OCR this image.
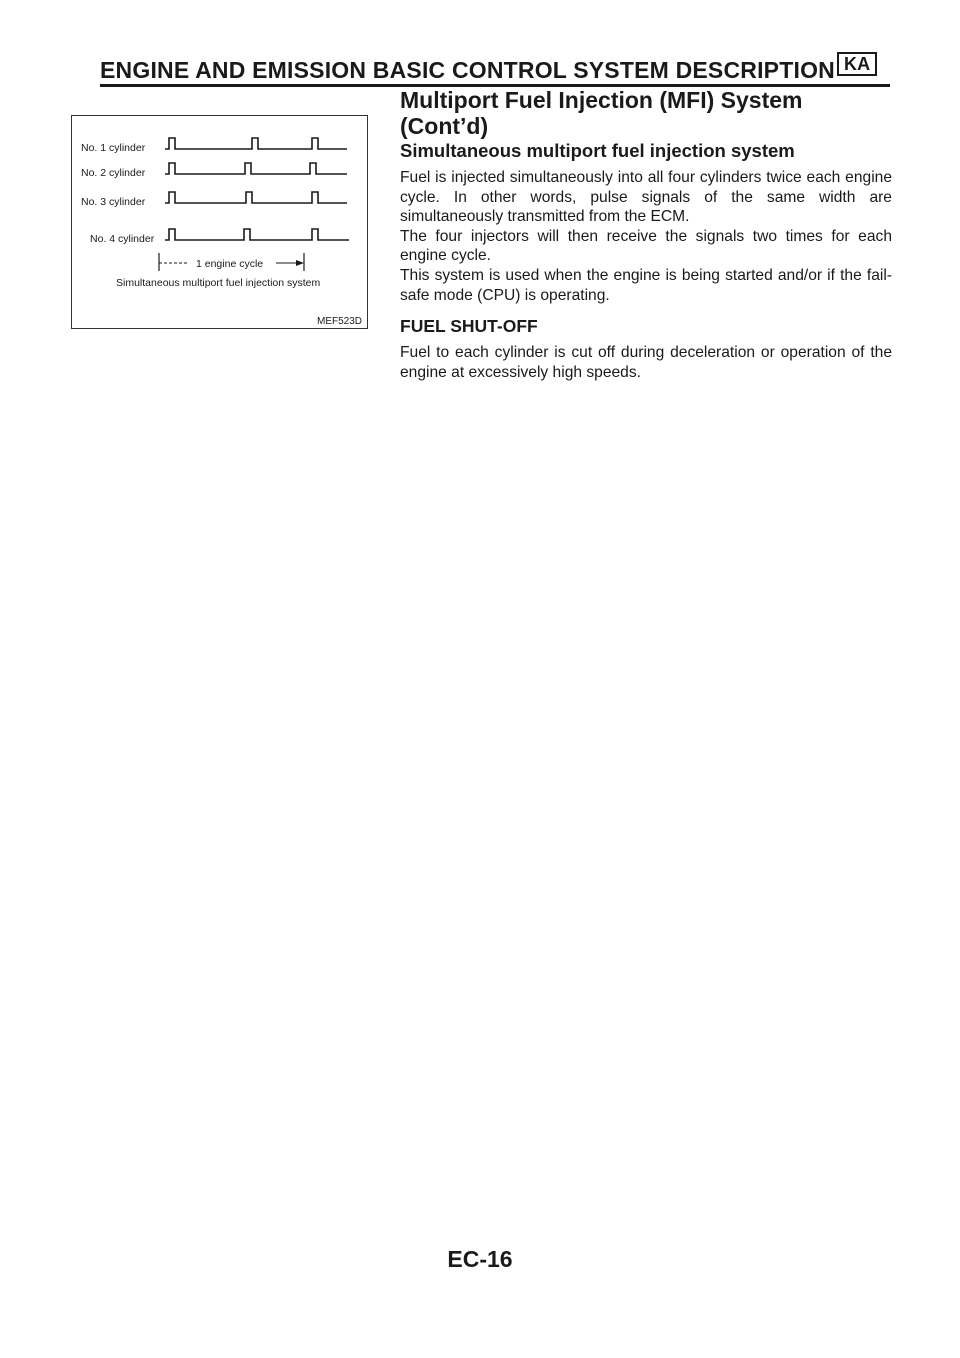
ENGINE AND EMISSION BASIC CONTROL SYSTEM DESCRIPTION KA
Multiport Fuel Injection (MFI) System
(Cont’d)
No. 1 cylinder
No. 2 cylinder
No. 3 cylinder
No. 4 cylinder
1 engine cycle
Simultaneous multiport fuel injection system
MEF523D
Simultaneous multiport fuel injection system

Fuel is injected simultaneously into all four cylinders twice each engine cycle. In other words, pulse signals of the same width are simultaneously transmitted from the ECM.

The four injectors will then receive the signals two times for each engine cycle.

This system is used when the engine is being started and/or if the fail-safe mode (CPU) is operating.

FUEL SHUT-OFF

Fuel to each cylinder is cut off during deceleration or operation of the engine at excessively high speeds.

EC-16
